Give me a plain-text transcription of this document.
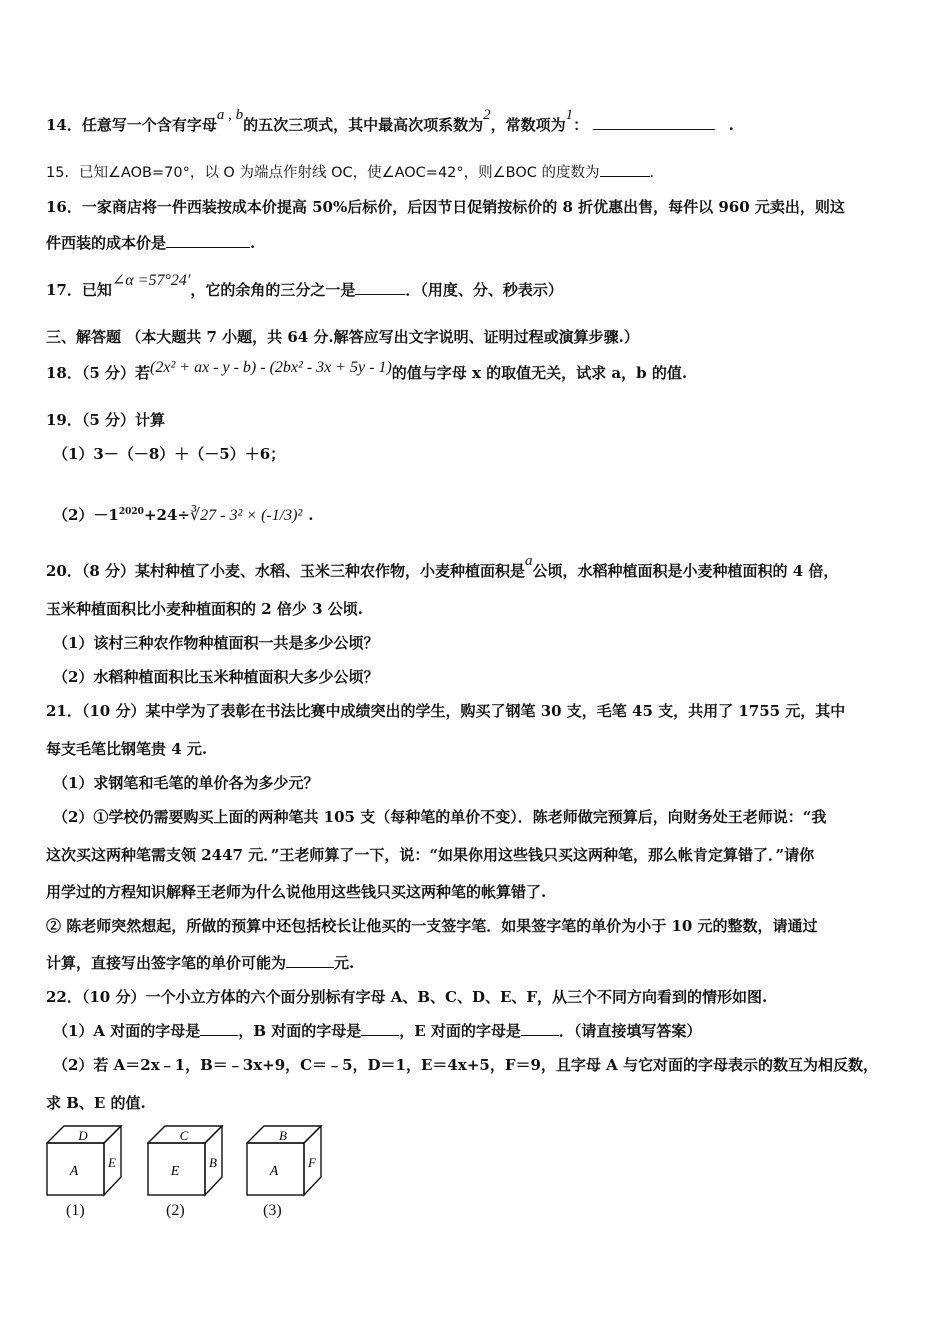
14．任意写一个含有字母a , b的五次三项式，其中最高次项系数为2，常数项为1：	.
15．已知∠AOB=70°，以 O 为端点作射线 OC，使∠AOC=42°，则∠BOC 的度数为	.
16．一家商店将一件西装按成本价提高 50%后标价，后因节日促销按标价的 8 折优惠出售，每件以 960 元卖出，则这
件西装的成本价是	.
17．已知∠α =57°24′，它的余角的三分之一是	．（用度、分、秒表示）
三、解答题 （本大题共 7 小题，共 64 分.解答应写出文字说明、证明过程或演算步骤.）
18．（5 分）若(2x² + ax - y - b) - (2bx² - 3x + 5y - 1)的值与字母 x 的取值无关，试求 a，b 的值.
19．（5 分）计算
（1）3－（－8）＋（－5）＋6；
$(2)-1^{2020}+24\div∛27 - 3^2 \times (-1/3)^2$ .
20．（8 分）某村种植了小麦、水稻、玉米三种农作物，小麦种植面积是a公顷，水稻种植面积是小麦种植面积的 4 倍，
玉米种植面积比小麦种植面积的 2 倍少 3 公顷.
（1）该村三种农作物种植面积一共是多少公顷？
（2）水稻种植面积比玉米种植面积大多少公顷？
21．（10 分）某中学为了表彰在书法比赛中成绩突出的学生，购买了钢笔 30 支，毛笔 45 支，共用了 1755 元，其中
每支毛笔比钢笔贵 4 元.
（1）求钢笔和毛笔的单价各为多少元？
（2）①学校仍需要购买上面的两种笔共 105 支（每种笔的单价不变）．陈老师做完预算后，向财务处王老师说：“我
这次买这两种笔需支领 2447 元．”王老师算了一下，说：“如果你用这些钱只买这两种笔，那么帐肯定算错了．”请你
用学过的方程知识解释王老师为什么说他用这些钱只买这两种笔的帐算错了.
② 陈老师突然想起，所做的预算中还包括校长让他买的一支签字笔．如果签字笔的单价为小于 10 元的整数，请通过
计算，直接写出签字笔的单价可能为	元.
22．（10 分）一个小立方体的六个面分别标有字母 A、B、C、D、E、F，从三个不同方向看到的情形如图.
（1）A 对面的字母是	，B 对面的字母是	，E 对面的字母是	．（请直接填写答案）
（2）若 A＝2x﹣1，B＝﹣3x+9，C＝﹣5，D＝1，E＝4x+5，F＝9，且字母 A 与它对面的字母表示的数互为相反数，
求 B、E 的值.
D
A
E
(1)
C
E
B
(2)
B
A
F
(3)
